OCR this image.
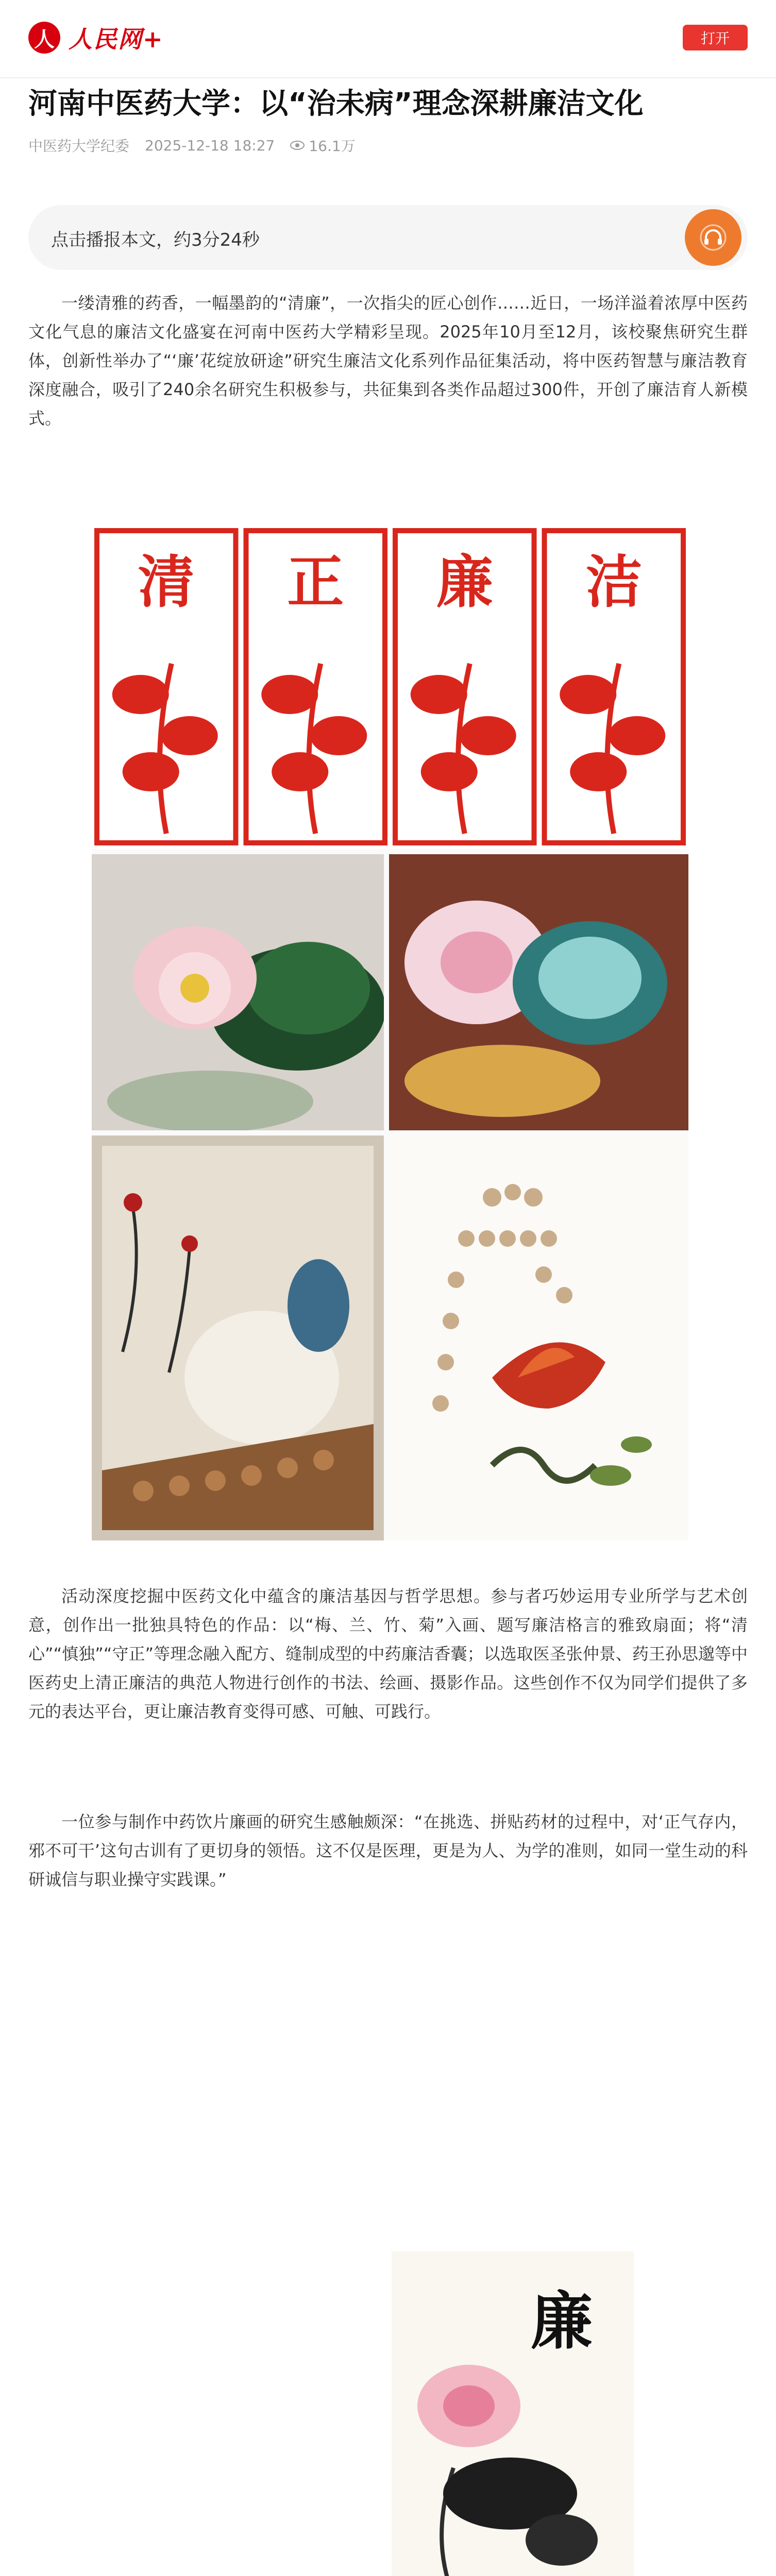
人 人民网+	打开
河南中医药大学：以“治未病”理念深耕廉洁文化
中医药大学纪委 2025-12-18 18:27 16.1万
点击播报本文，约3分24秒

一缕清雅的药香，一幅墨韵的“清廉”，一次指尖的匠心创作……近日，一场洋溢着浓厚中医药文化气息的廉洁文化盛宴在河南中医药大学精彩呈现。2025年10月至12月，该校聚焦研究生群体，创新性举办了“‘廉’花绽放研途”研究生廉洁文化系列作品征集活动，将中医药智慧与廉洁教育深度融合，吸引了240余名研究生积极参与，共征集到各类作品超过300件，开创了廉洁育人新模式。

清 正 廉 洁

活动深度挖掘中医药文化中蕴含的廉洁基因与哲学思想。参与者巧妙运用专业所学与艺术创意，创作出一批独具特色的作品：以“梅、兰、竹、菊”入画、题写廉洁格言的雅致扇面；将“清心”“慎独”“守正”等理念融入配方、缝制成型的中药廉洁香囊；以选取医圣张仲景、药王孙思邈等中医药史上清正廉洁的典范人物进行创作的书法、绘画、摄影作品。这些创作不仅为同学们提供了多元的表达平台，更让廉洁教育变得可感、可触、可践行。

一位参与制作中药饮片廉画的研究生感触颇深：“在挑选、拼贴药材的过程中，对‘正气存内，邪不可干’这句古训有了更切身的领悟。这不仅是医理，更是为人、为学的准则，如同一堂生动的科研诚信与职业操守实践课。”

廉
